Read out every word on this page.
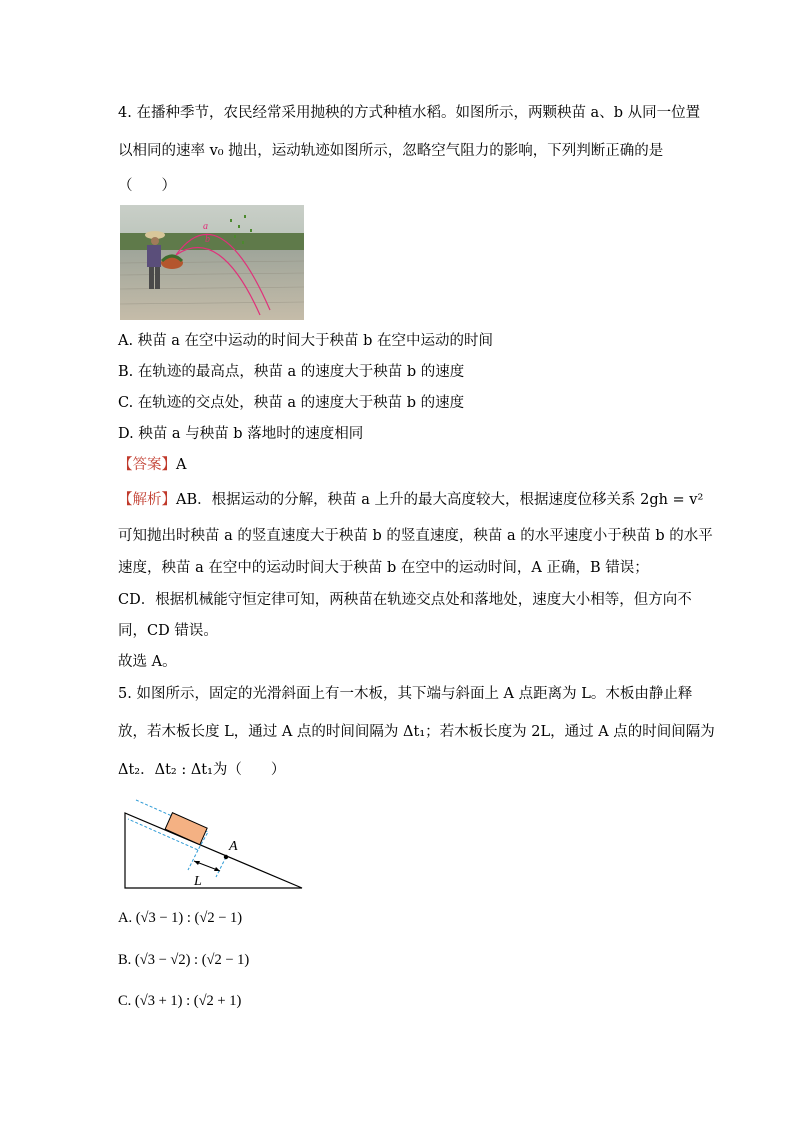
4. 在播种季节，农民经常采用抛秧的方式种植水稻。如图所示，两颗秧苗 a、b 从同一位置
以相同的速率 v₀ 抛出，运动轨迹如图所示，忽略空气阻力的影响，下列判断正确的是
（　　）
a
b
A. 秧苗 a 在空中运动的时间大于秧苗 b 在空中运动的时间
B. 在轨迹的最高点，秧苗 a 的速度大于秧苗 b 的速度
C. 在轨迹的交点处，秧苗 a 的速度大于秧苗 b 的速度
D. 秧苗 a 与秧苗 b 落地时的速度相同
【答案】A
【解析】AB．根据运动的分解，秧苗 a 上升的最大高度较大，根据速度位移关系 2gh = v²
可知抛出时秧苗 a 的竖直速度大于秧苗 b 的竖直速度，秧苗 a 的水平速度小于秧苗 b 的水平
速度，秧苗 a 在空中的运动时间大于秧苗 b 在空中的运动时间，A 正确，B 错误；
CD．根据机械能守恒定律可知，两秧苗在轨迹交点处和落地处，速度大小相等，但方向不
同，CD 错误。
故选 A。
5. 如图所示，固定的光滑斜面上有一木板，其下端与斜面上 A 点距离为 L。木板由静止释
放，若木板长度 L，通过 A 点的时间间隔为 Δt₁；若木板长度为 2L，通过 A 点的时间间隔为
Δt₂．Δt₂ : Δt₁为（　　）
A
L
A. (√3 − 1) : (√2 − 1)
B. (√3 − √2) : (√2 − 1)
C. (√3 + 1) : (√2 + 1)
